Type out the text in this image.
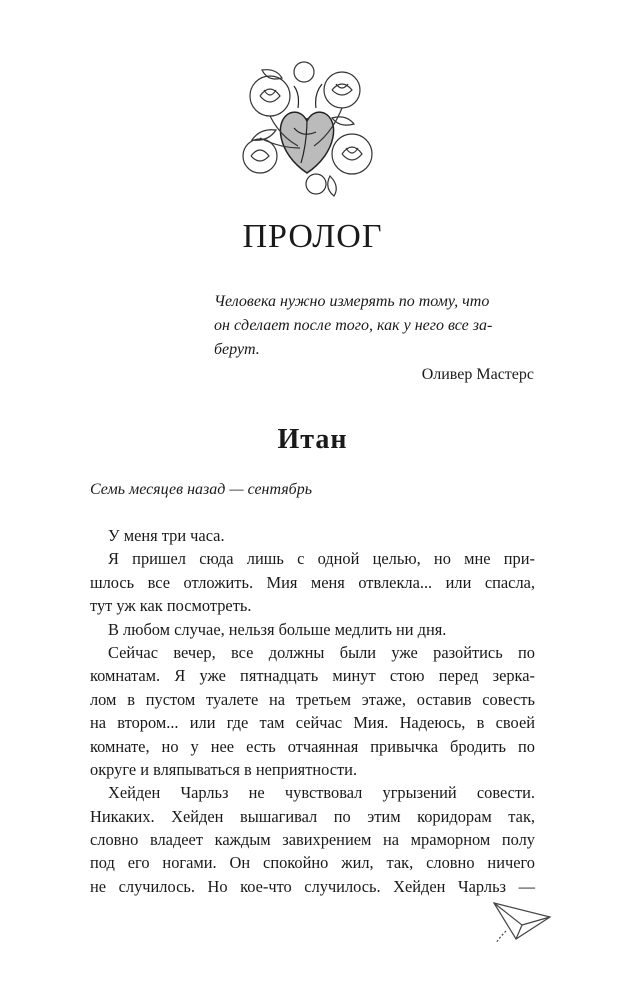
ПРОЛОГ

Человека нужно измерять по тому, что
он сделает после того, как у него все за-
берут.

Оливер Мастерс
Итан
Семь месяцев назад — сентябрь
У меня три часа.
Я пришел сюда лишь с одной целью, но мне при-
шлось все отложить. Мия меня отвлекла... или спасла,
тут уж как посмотреть.
В любом случае, нельзя больше медлить ни дня.
Сейчас вечер, все должны были уже разойтись по
комнатам. Я уже пятнадцать минут стою перед зерка-
лом в пустом туалете на третьем этаже, оставив совесть
на втором... или где там сейчас Мия. Надеюсь, в своей
комнате, но у нее есть отчаянная привычка бродить по
округе и вляпываться в неприятности.
Хейден Чарльз не чувствовал угрызений совести.
Никаких. Хейден вышагивал по этим коридорам так,
словно владеет каждым завихрением на мраморном полу
под его ногами. Он спокойно жил, так, словно ничего
не случилось. Но кое-что случилось. Хейден Чарльз —
